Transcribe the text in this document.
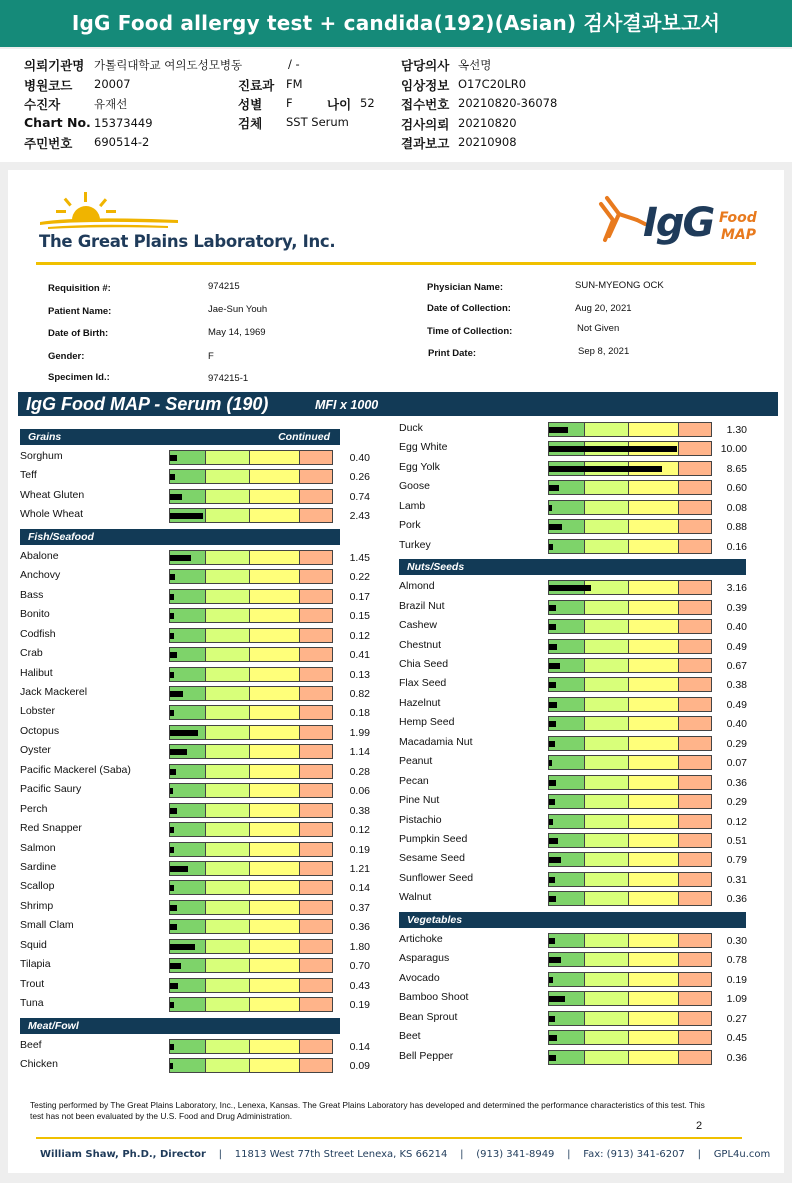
IgG Food allergy test + candida(192)(Asian) 검사결과보고서
의뢰기관명 가톨릭대학교 여의도성모병동	/ -	담당의사 옥선명
병원코드 20007	진료과 FM	임상정보 O17C20LR0
수진자	유재선	성별 F	나이 52 접수번호 20210820-36078
Chart No. 15373449	검체 SST Serum	검사의뢰 20210820
주민번호 690514-2	결과보고 20210908
The Great Plains Laboratory, Inc.	IgG Food
MAP
Requisition #:	974215
Patient Name:	Jae-Sun Youh
Date of Birth:	May 14, 1969
Gender:	F
Specimen Id.:	974215-1
Physician Name:	SUN-MYEONG OCK
Date of Collection:	Aug 20, 2021
Time of Collection:	Not Given
Print Date:	Sep 8, 2021
IgG Food MAP - Serum (190)	MFI x 1000
Grains	Continued
Sorghum	0.40
Teff	0.26
Wheat Gluten	0.74
Whole Wheat	2.43
Fish/Seafood
Abalone	1.45
Anchovy	0.22
Bass	0.17
Bonito	0.15
Codfish	0.12
Crab	0.41
Halibut	0.13
Jack Mackerel	0.82
Lobster	0.18
Octopus	1.99
Oyster	1.14
Pacific Mackerel (Saba)	0.28
Pacific Saury	0.06
Perch	0.38
Red Snapper	0.12
Salmon	0.19
Sardine	1.21
Scallop	0.14
Shrimp	0.37
Small Clam	0.36
Squid	1.80
Tilapia	0.70
Trout	0.43
Tuna	0.19
Meat/Fowl
Beef	0.14
Chicken	0.09
Duck	1.30
Egg White	10.00
Egg Yolk	8.65
Goose	0.60
Lamb	0.08
Pork	0.88
Turkey	0.16
Nuts/Seeds
Almond	3.16
Brazil Nut	0.39
Cashew	0.40
Chestnut	0.49
Chia Seed	0.67
Flax Seed	0.38
Hazelnut	0.49
Hemp Seed	0.40
Macadamia Nut	0.29
Peanut	0.07
Pecan	0.36
Pine Nut	0.29
Pistachio	0.12
Pumpkin Seed	0.51
Sesame Seed	0.79
Sunflower Seed	0.31
Walnut	0.36
Vegetables
Artichoke	0.30
Asparagus	0.78
Avocado	0.19
Bamboo Shoot	1.09
Bean Sprout	0.27
Beet	0.45
Bell Pepper	0.36
Testing performed by The Great Plains Laboratory, Inc., Lenexa, Kansas. The Great Plains Laboratory has developed and determined the performance characteristics of this test. This test has not been evaluated by the U.S. Food and Drug Administration.
2
William Shaw, Ph.D., Director | 11813 West 77th Street Lenexa, KS 66214 | (913) 341-8949 | Fax: (913) 341-6207 | GPL4u.com
